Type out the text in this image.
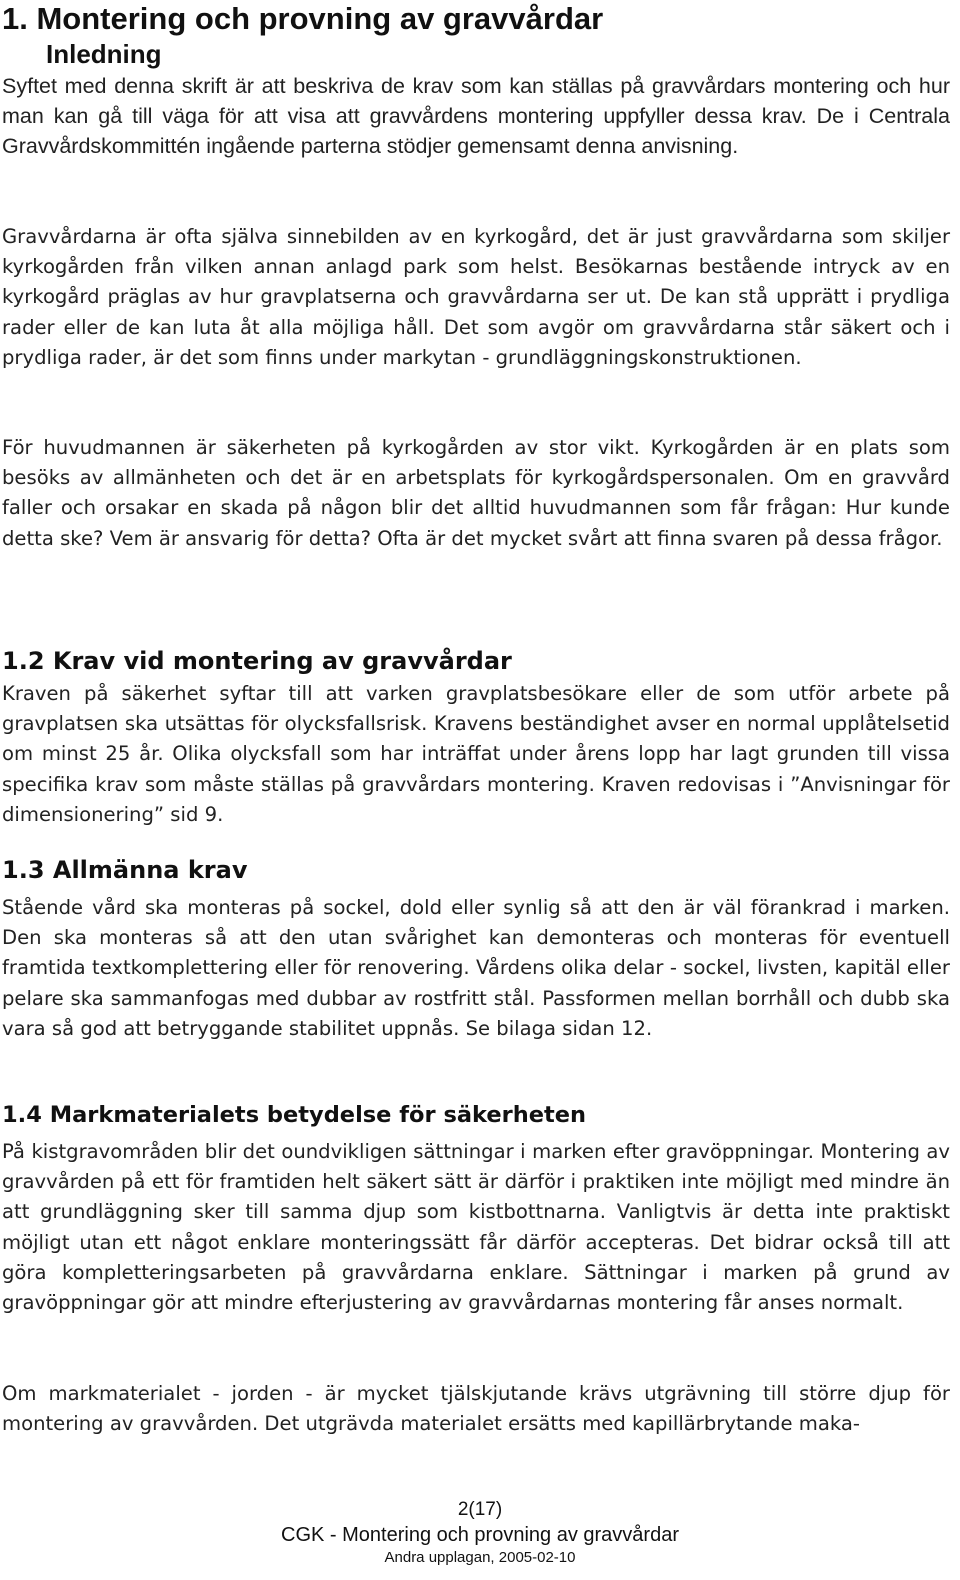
1. Montering och provning av gravvårdar
Inledning

Syftet med denna skrift är att beskriva de krav som kan ställas på gravvårdars montering och hur man kan gå till väga för att visa att gravvårdens montering uppfyller dessa krav. De i Centrala Gravvårdskommittén ingående parterna stödjer gemensamt denna anvisning.

Gravvårdarna är ofta själva sinnebilden av en kyrkogård, det är just gravvårdarna som skiljer kyrkogården från vilken annan anlagd park som helst. Besökarnas bestående intryck av en kyrkogård präglas av hur gravplatserna och gravvårdarna ser ut. De kan stå upprätt i prydliga rader eller de kan luta åt alla möjliga håll. Det som avgör om gravvårdarna står säkert och i prydliga rader, är det som finns under markytan - grundläggningskonstruktionen.

För huvudmannen är säkerheten på kyrkogården av stor vikt. Kyrkogården är en plats som besöks av allmänheten och det är en arbetsplats för kyrkogårdspersonalen. Om en gravvård faller och orsakar en skada på någon blir det alltid huvudmannen som får frågan: Hur kunde detta ske? Vem är ansvarig för detta? Ofta är det mycket svårt att finna svaren på dessa frågor.

1.2 Krav vid montering av gravvårdar

Kraven på säkerhet syftar till att varken gravplatsbesökare eller de som utför arbete på gravplatsen ska utsättas för olycksfallsrisk. Kravens beständighet avser en normal upplåtelsetid om minst 25 år. Olika olycksfall som har inträffat under årens lopp har lagt grunden till vissa specifika krav som måste ställas på gravvårdars montering. Kraven redovisas i ”Anvisningar för dimensionering” sid 9.

1.3 Allmänna krav

Stående vård ska monteras på sockel, dold eller synlig så att den är väl förankrad i marken. Den ska monteras så att den utan svårighet kan demonteras och monteras för eventuell framtida textkomplettering eller för renovering. Vårdens olika delar - sockel, livsten, kapitäl eller pelare ska sammanfogas med dubbar av rostfritt stål. Passformen mellan borrhåll och dubb ska vara så god att betryggande stabilitet uppnås. Se bilaga sidan 12.

1.4 Markmaterialets betydelse för säkerheten

På kistgravområden blir det oundvikligen sättningar i marken efter gravöppningar. Montering av gravvården på ett för framtiden helt säkert sätt är därför i praktiken inte möjligt med mindre än att grundläggning sker till samma djup som kistbottnarna. Vanligtvis är detta inte praktiskt möjligt utan ett något enklare monteringssätt får därför accepteras. Det bidrar också till att göra kompletteringsarbeten på gravvårdarna enklare. Sättningar i marken på grund av gravöppningar gör att mindre efterjustering av gravvårdarnas montering får anses normalt.

Om markmaterialet - jorden - är mycket tjälskjutande krävs utgrävning till större djup för montering av gravvården. Det utgrävda materialet ersätts med kapillärbrytande maka-

2(17)
CGK - Montering och provning av gravvårdar
Andra upplagan, 2005-02-10
